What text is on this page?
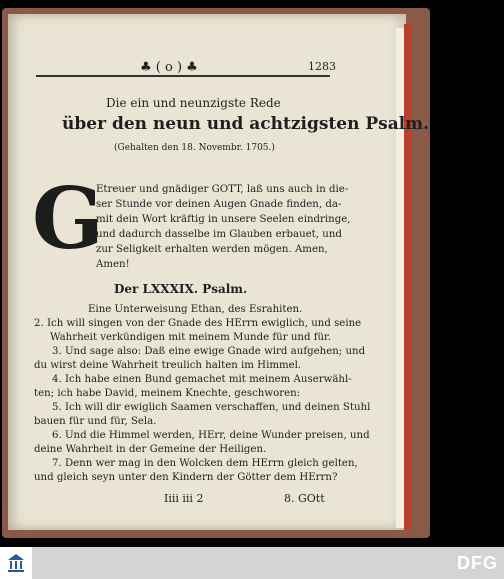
♣ ( o ) ♣	1283
Die ein und neunzigste Rede
über den neun und achtzigsten Psalm.
(Gehalten den 18. Novembr. 1705.)
G
Etreuer und gnädiger GOTT, laß uns auch in die-
ser Stunde vor deinen Augen Gnade finden, da-
mit dein Wort kräftig in unsere Seelen eindringe,
und dadurch dasselbe im Glauben erbauet, und
zur Seligkeit erhalten werden mögen. Amen,
Amen!
Der LXXXIX. Psalm.
Eine Unterweisung Ethan, des Esrahiten.
2. Ich will singen von der Gnade des HErrn ewiglich, und seine
Wahrheit verkündigen mit meinem Munde für und für.
3. Und sage also: Daß eine ewige Gnade wird aufgehen; und
du wirst deine Wahrheit treulich halten im Himmel.
4. Ich habe einen Bund gemachet mit meinem Auserwähl-
ten; ich habe David, meinem Knechte, geschworen:
5. Ich will dir ewiglich Saamen verschaffen, und deinen Stuhl
bauen für und für, Sela.
6. Und die Himmel werden, HErr, deine Wunder preisen, und
deine Wahrheit in der Gemeine der Heiligen.
7. Denn wer mag in den Wolcken dem HErrn gleich gelten,
und gleich seyn unter den Kindern der Götter dem HErrn?
Iiii iii 2	8. GOtt
DFG
